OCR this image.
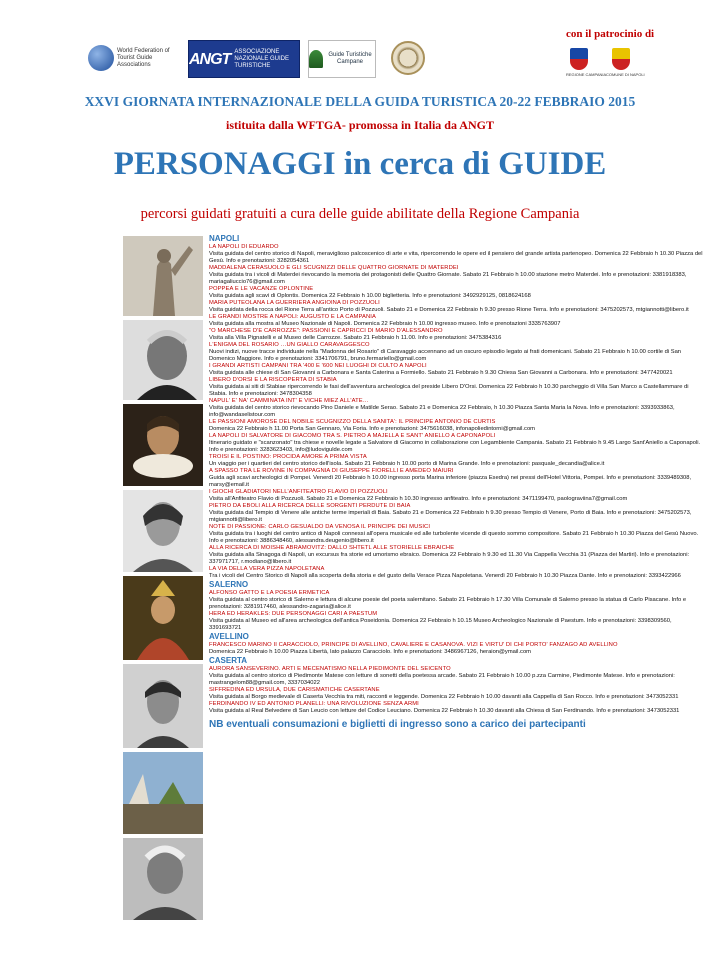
World Federation of Tourist Guide Associations	ANGT ASSOCIAZIONE NAZIONALE GUIDE TURISTICHE
Guide Turistiche Campane
con il patrocinio di
REGIONE CAMPANIA COMUNE DI NAPOLI
XXVI GIORNATA INTERNAZIONALE DELLA GUIDA TURISTICA 20-22 FEBBRAIO 2015
istituita dalla WFTGA- promossa in Italia da ANGT
PERSONAGGI in cerca di GUIDE
percorsi guidati gratuiti a cura delle guide abilitate della Regione Campania
NAPOLI
LA NAPOLI DI EDUARDO
Visita guidata del centro storico di Napoli, meraviglioso palcoscenico di arte e vita, ripercorrendo le opere ed il pensiero del grande artista partenopeo. Domenica 22 Febbraio h 10.30 Piazza del Gesù. Info e prenotazioni: 3282054361
MADDALENA CERASUOLO E GLI SCUGNIZZI DELLE QUATTRO GIORNATE DI MATERDEI
Visita guidata tra i vicoli di Materdei rievocando la memoria dei protagonisti delle Quattro Giornate. Sabato 21 Febbraio h 10.00 stazione metro Materdei. Info e prenotazioni: 3381918383, mariagaliuccio76@gmail.com
POPPEA E LE VACANZE OPLONTINE
Visita guidata agli scavi di Oplontis. Domenica 22 Febbraio h 10.00 biglietteria. Info e prenotazioni: 3492929125, 0818624168
MARIA PUTEOLANA LA GUERRIERA ANGIOINA DI POZZUOLI
Visita guidata della rocca del Rione Terra all'antico Porto di Pozzuoli. Sabato 21 e Domenica 22 Febbraio h 9.30 presso Rione Terra. Info e prenotazioni: 3475202573, mtgiannotti@libero.it
LE GRANDI MOSTRE A NAPOLI: AUGUSTO E LA CAMPANIA
Visita guidata alla mostra al Museo Nazionale di Napoli. Domenica 22 Febbraio h 10.00 ingresso museo. Info e prenotazioni 3335763907
"O MARCHESE D'E CARROZZE": PASSIONI E CAPRICCI DI MARIO D'ALESSANDRO
Visita alla Villa Pignatelli e al Museo delle Carrozze. Sabato 21 Febbraio h 11.00. Info e prenotazioni: 3475384316
L'ENIGMA DEL ROSARIO …UN GIALLO CARAVAGGESCO
Nuovi indizi, nuove tracce individuate nella "Madonna del Rosario" di Caravaggio accennano ad un oscuro episodio legato ai frati domenicani. Sabato 21 Febbraio h 10.00 cortile di San Domenico Maggiore. Info e prenotazioni: 3341706791, bruno.fermariello@gmail.com
I GRANDI ARTISTI CAMPANI TRA '400 E '600 NEI LUOGHI DI CULTO A NAPOLI
Visita guidata alle chiese di San Giovanni a Carbonara e Santa Caterina a Formiello. Sabato 21 Febbraio h 9.30 Chiesa San Giovanni a Carbonara. Info e prenotazioni: 3477420021
LIBERO D'ORSI E LA RISCOPERTA DI STABIA
Visita guidata ai siti di Stabiae ripercorrendo le fasi dell'avventura archeologica del preside Libero D'Orsi. Domenica 22 Febbraio h 10.30 parcheggio di Villa San Marco a Castellammare di Stabia. Info e prenotazioni: 3478304358
NAPUL' E' NA' CAMMINATA INT' E VICHE MIEZ ALL'ATE…
Visita guidata del centro storico rievocando Pino Daniele e Matilde Serao. Sabato 21 e Domenica 22 Febbraio, h 10.30 Piazza Santa Maria la Nova. Info e prenotazioni: 3393933863, info@wandaselistour.com
LE PASSIONI AMOROSE DEL NOBILE SCUGNIZZO DELLA SANITA': IL PRINCIPE ANTONIO DE CURTIS
Domenica 22 Febbraio h 11.00 Porta San Gennaro, Via Foria. Info e prenotazioni: 3475616038, infonapoliedintorni@gmail.com
LA NAPOLI DI SALVATORE DI GIACOMO TRA S. PIETRO A MAJELLA E SANT' ANIELLO A CAPONAPOLI
Itinerario guidato e "scanzonato" tra chiese e novelle legate a Salvatore di Giacomo in collaborazione con Legambiente Campania. Sabato 21 Febbraio h 9.45 Largo Sant'Aniello a Caponapoli. Info e prenotazioni: 3283623403, info@ludovigulde.com
TROISI E IL POSTINO: PROCIDA AMORE A PRIMA VISTA
Un viaggio per i quartieri del centro storico dell'isola. Sabato 21 Febbraio h 10.00 porto di Marina Grande. Info e prenotazioni: pasquale_decandia@alice.it
A SPASSO TRA LE ROVINE IN COMPAGNIA DI GIUSEPPE FIORELLI E AMEDEO MAIURI
Guida agli scavi archeologici di Pompei. Venerdì 20 Febbraio h 10.00 ingresso porta Marina inferiore (piazza Esedra) nei pressi dell'Hotel Vittoria, Pompei. Info e prenotazioni: 3339489308, marsy@email.it
I GIOCHI GLADIATORI NELL'ANFITEATRO FLAVIO DI POZZUOLI
Visita all'Anfiteatro Flavio di Pozzuoli. Sabato 21 e Domenica 22 Febbraio h 10.30 ingresso anfiteatro. Info e prenotazioni: 3471199470, paolograviina7@gmail.com
PIETRO DA EBOLI ALLA RICERCA DELLE SORGENTI PERDUTE DI BAIA
Visita guidata dal Tempio di Venere alle antiche terme imperiali di Baia. Sabato 21 e Domenica 22 Febbraio h 9.30 presso Tempio di Venere, Porto di Baia. Info e prenotazioni: 3475202573, mtgiannotti@libero.it
NOTE DI PASSIONE: CARLO GESUALDO DA VENOSA IL PRINCIPE DEI MUSICI
Visita guidata tra i luoghi del centro antico di Napoli connessi all'opera musicale ed alle turbolente vicende di questo sommo compositore. Sabato 21 Febbraio h 10.30 Piazza del Gesù Nuovo. Info e prenotazioni: 3886348460, alessandra.deugenio@libero.it
ALLA RICERCA DI MOISHE ABRAMOVITZ: DALLO SHTETL ALLE STORIELLE EBRAICHE
Visita guidata alla Sinagoga di Napoli, un excursus fra storie ed umorismo ebraico. Domenica 22 Febbraio h 9.30 ed 11.30 Via Cappella Vecchia 31 (Piazza dei Martiri). Info e prenotazioni: 337971717, r.modiano@libero.it
LA VIA DELLA VERA PIZZA NAPOLETANA
Tra i vicoli del Centro Storico di Napoli alla scoperta della storia e del gusto della Verace Pizza Napoletana. Venerdì 20 Febbraio h 10.30 Piazza Dante. Info e prenotazioni: 3393422966
SALERNO
ALFONSO GATTO E LA POESIA ERMETICA
Visita guidata al centro storico di Salerno e lettura di alcune poesie del poeta salernitano. Sabato 21 Febbraio h 17.30 Villa Comunale di Salerno presso la statua di Carlo Pisacane. Info e prenotazioni: 3281917460, alessandro-zagaria@alice.it
HERA ED HERAKLES: DUE PERSONAGGI CARI A PAESTUM
Visita guidata al Museo ed all'area archeologica dell'antica Poseidonia. Domenica 22 Febbraio h 10.15 Museo Archeologico Nazionale di Paestum. Info e prenotazioni: 3398309560, 3391693721
AVELLINO
FRANCESCO MARINO II CARACCIOLO, PRINCIPE DI AVELLINO, CAVALIERE E CASANOVA. VIZI E VIRTU' DI CHI PORTO' FANZAGO AD AVELLINO
Domenica 22 Febbraio h 10.00 Piazza Libertà, lato palazzo Caracciolo. Info e prenotazioni: 3486967126, heraion@ymail.com
CASERTA
AURORA SANSEVERINO. ARTI E MECENATISMO NELLA PIEDIMONTE DEL SEICENTO
Visita guidata al centro storico di Piedimonte Matese con letture di sonetti della poetessa arcade. Sabato 21 Febbraio h 10.00 p.zza Carmine, Piedimonte Matese. Info e prenotazioni: mastrangelom88@gmail.com, 3337034022
SIFFREDINA ED URSULA, DUE CARISMATICHE CASERTANE
Visita guidata al Borgo medievale di Caserta Vecchia tra miti, racconti e leggende. Domenica 22 Febbraio h 10.00 davanti alla Cappella di San Rocco. Info e prenotazioni: 3473052331
FERDINANDO IV ED ANTONIO PLANELLI: UNA RIVOLUZIONE SENZA ARMI
Visita guidata al Real Belvedere di San Leucio con letture del Codice Leuciano. Domenica 22 Febbraio h 10.30 davanti alla Chiesa di San Ferdinando. Info e prenotazioni: 3473052331
NB eventuali consumazioni e biglietti di ingresso sono a carico dei partecipanti
